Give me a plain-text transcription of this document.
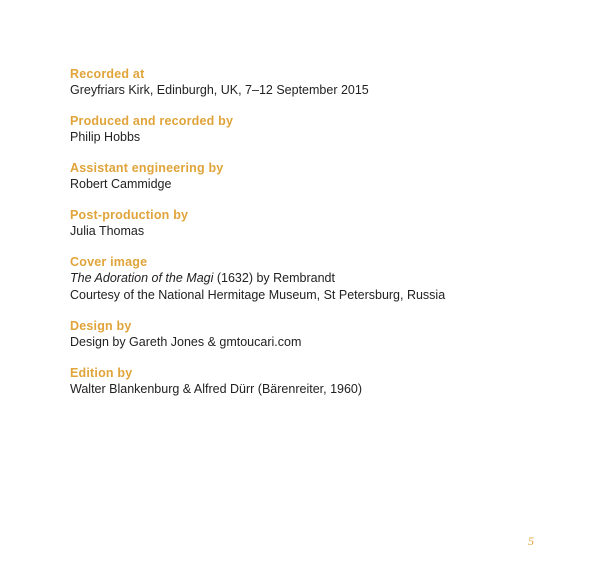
Recorded at
Greyfriars Kirk, Edinburgh, UK, 7–12 September 2015
Produced and recorded by
Philip Hobbs
Assistant engineering by
Robert Cammidge
Post-production by
Julia Thomas
Cover image
The Adoration of the Magi (1632) by Rembrandt
Courtesy of the National Hermitage Museum, St Petersburg, Russia
Design by
Design by Gareth Jones & gmtoucari.com
Edition by
Walter Blankenburg & Alfred Dürr (Bärenreiter, 1960)
5
